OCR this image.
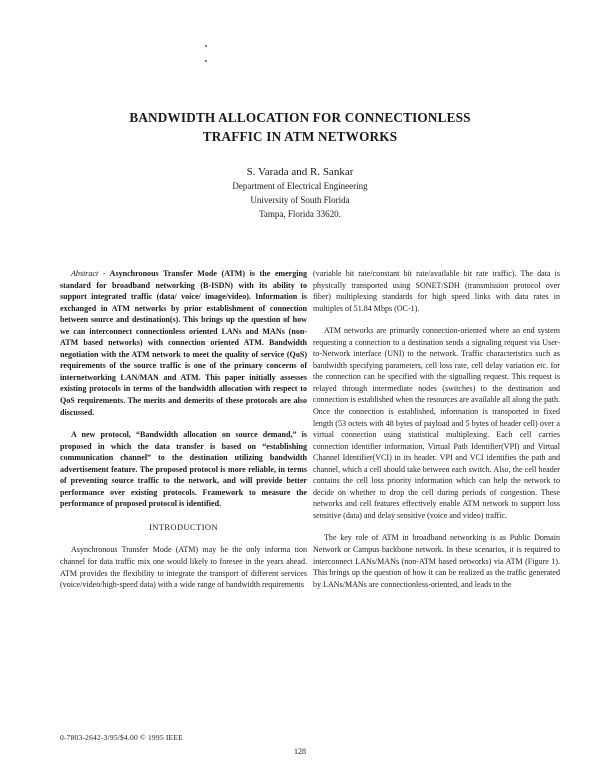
BANDWIDTH ALLOCATION FOR CONNECTIONLESS
TRAFFIC IN ATM NETWORKS
S. Varada and R. Sankar
Department of Electrical Engineering
University of South Florida
Tampa, Florida 33620.

Abstract - Asynchronous Transfer Mode (ATM) is the emerging standard for broadband networking (B-ISDN) with its ability to support integrated traffic (data/ voice/ image/video). Information is exchanged in ATM networks by prior establishment of connection between source and destination(s). This brings up the question of how we can interconnect connectionless oriented LANs and MANs (non-ATM based networks) with connection oriented ATM. Bandwidth negotiation with the ATM network to meet the quality of service (QoS) requirements of the source traffic is one of the primary concerns of internetworking LAN/MAN and ATM. This paper initially assesses existing protocols in terms of the bandwidth allocation with respect to QoS requirements. The merits and demerits of these protocols are also discussed.

A new protocol, “Bandwidth allocation on source demand,” is proposed in which the data transfer is based on “establishing communication channel” to the destination utilizing bandwidth advertisement feature. The proposed protocol is more reliable, in terms of preventing source traffic to the network, and will provide better performance over existing protocols. Framework to measure the performance of proposed protocol is identified.

INTRODUCTION

Asynchronous Transfer Mode (ATM) may be the only informa tion channel for data traffic mix one would likely to foresee in the years ahead. ATM provides the flexibility to integrate the transport of different services (voice/video/high-speed data) with a wide range of bandwidth requirements

(variable bit rate/constant bit rate/available bit rate traffic). The data is physically transported using SONET/SDH (transmission protocol over fiber) multiplexing standards for high speed links with data rates in multiples of 51.84 Mbps (OC-1).

ATM networks are primarily connection-oriented where an end system requesting a connection to a destination sends a signaling request via User-to-Network interface (UNI) to the network. Traffic characteristics such as bandwidth specifying parameters, cell loss rate, cell delay variation etc. for the connection can be specified with the signalling request. This request is relayed through intermediate nodes (switches) to the destination and connection is established when the resources are available all along the path. Once the connection is established, information is transported in fixed length (53 octets with 48 bytes of payload and 5 bytes of header cell) over a virtual connection using statistical multiplexing. Each cell carries connection identifier information, Virtual Path Identifier(VPI) and Virtual Channel Identifier(VCI) in its header. VPI and VCI identifies the path and channel, which a cell should take between each switch. Also, the cell header contains the cell loss priority information which can help the network to decide on whether to drop the cell during periods of congestion. These networks and cell features effectively enable ATM network to support loss sensitive (data) and delay sensitive (voice and video) traffic.

The key role of ATM in broadband networking is as Public Domain Network or Campus backbone network. In these scenarios, it is required to interconnect LANs/MANs (non-ATM based networks) via ATM (Figure 1). This brings up the question of how it can be realized as the traffic generated by LANs/MANs are connectionless-oriented, and leads to the

0-7803-2642-3/95/$4.00 © 1995 IEEE
128
